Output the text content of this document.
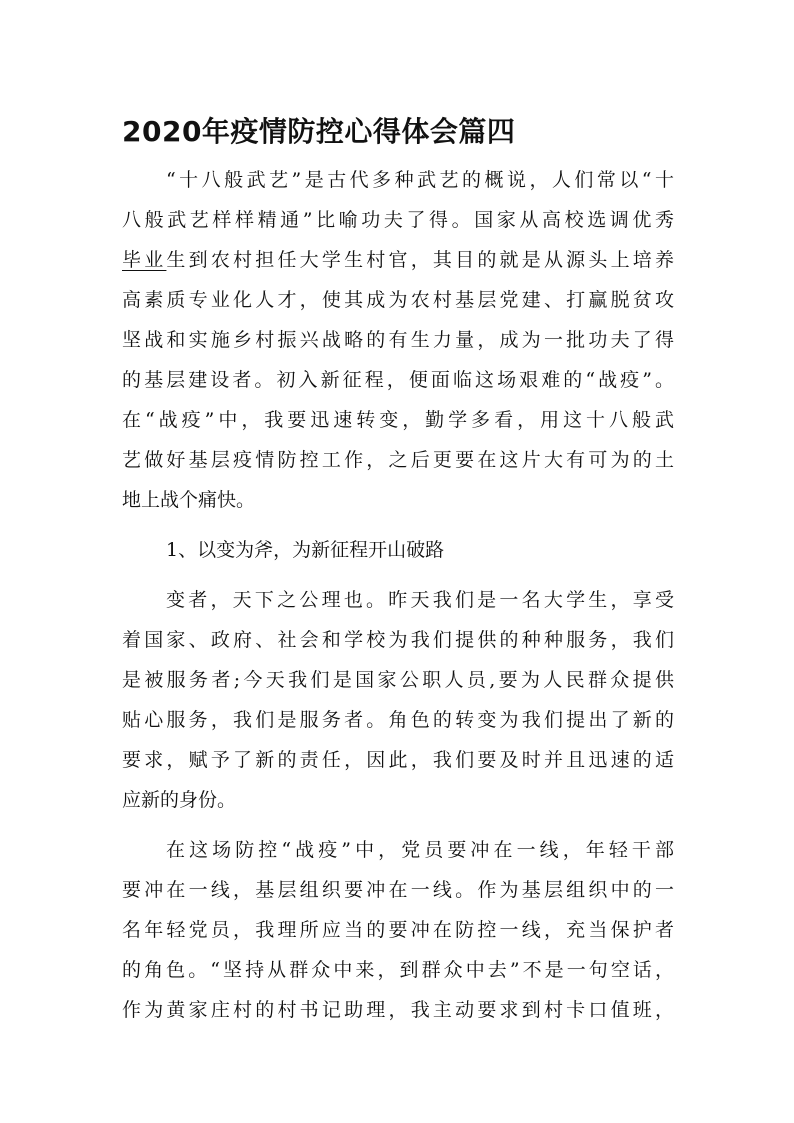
2020年疫情防控心得体会篇四
“十八般武艺”是古代多种武艺的概说，人们常以“十
八般武艺样样精通”比喻功夫了得。国家从高校选调优秀
毕业生到农村担任大学生村官，其目的就是从源头上培养
高素质专业化人才，使其成为农村基层党建、打赢脱贫攻
坚战和实施乡村振兴战略的有生力量，成为一批功夫了得
的基层建设者。初入新征程，便面临这场艰难的“战疫”。
在“战疫”中，我要迅速转变，勤学多看，用这十八般武
艺做好基层疫情防控工作，之后更要在这片大有可为的土
地上战个痛快。
1、以变为斧，为新征程开山破路
变者，天下之公理也。昨天我们是一名大学生，享受
着国家、政府、社会和学校为我们提供的种种服务，我们
是被服务者;今天我们是国家公职人员,要为人民群众提供
贴心服务，我们是服务者。角色的转变为我们提出了新的
要求，赋予了新的责任，因此，我们要及时并且迅速的适
应新的身份。
在这场防控“战疫”中，党员要冲在一线，年轻干部
要冲在一线，基层组织要冲在一线。作为基层组织中的一
名年轻党员，我理所应当的要冲在防控一线，充当保护者
的角色。“坚持从群众中来，到群众中去”不是一句空话，
作为黄家庄村的村书记助理，我主动要求到村卡口值班，
